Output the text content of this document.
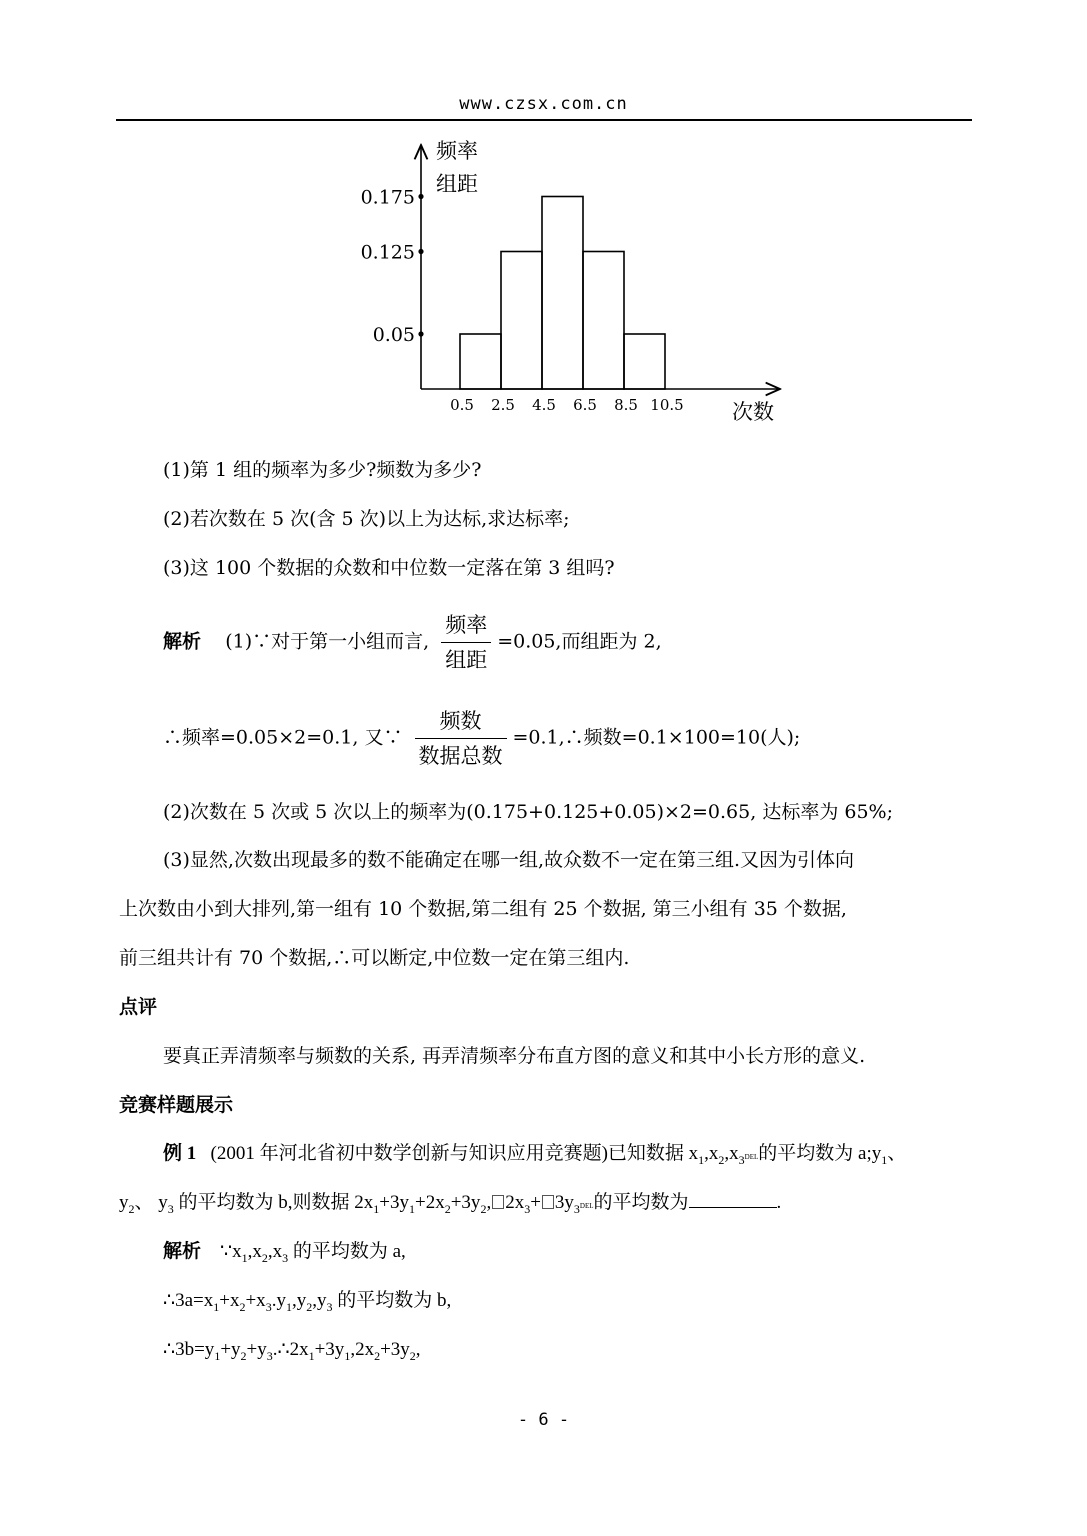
www.czsx.com.cn
频率
组距
次数
0.05
0.125
0.175
0.5 2.5 4.5 6.5 8.5 10.5
(1)第 1 组的频率为多少?频数为多少?
(2)若次数在 5 次(含 5 次)以上为达标,求达标率;
(3)这 100 个数据的众数和中位数一定落在第 3 组吗?
解析 (1)∵对于第一小组而言, $\frac{\text{频率}}{\text{组距}} =0.05$,而组距为 2,
∴频率=0.05×2=0.1, 又∵ $\frac{\text{频数}}{\text{数据总数}}$ =0.1,∴频数=0.1×100=10(人);
(2)次数在 5 次或 5 次以上的频率为(0.175+0.125+0.05)×2=0.65, 达标率为 65%;
(3)显然,次数出现最多的数不能确定在哪一组,故众数不一定在第三组.又因为引体向
上次数由小到大排列,第一组有 10 个数据,第二组有 25 个数据, 第三小组有 35 个数据,
前三组共计有 70 个数据,∴可以断定,中位数一定在第三组内.
点评
要真正弄清频率与频数的关系, 再弄清频率分布直方图的意义和其中小长方形的意义.
竞赛样题展示
例 1 (2001 年河北省初中数学创新与知识应用竞赛题)已知数据 $x_1,x_2,x_3DEL$的平均数为 $a;y_1$、
$y_2$、 $y_3$ 的平均数为 b,则数据 $2x_1+3y_1+2x_2+3y_2$, $2x_3+ 3y_3DEL$的平均数为	.
解析 $\because x_1,x_2,x_3$ 的平均数为 a,
$\therefore 3a=x_1+x_2+x_3.y_1,y_2,y_3$ 的平均数为 b,
$\therefore 3b=y_1+y_2+y_3.\therefore 2x_1+3y_1,2x_2+3y_2$,
- 6 -
